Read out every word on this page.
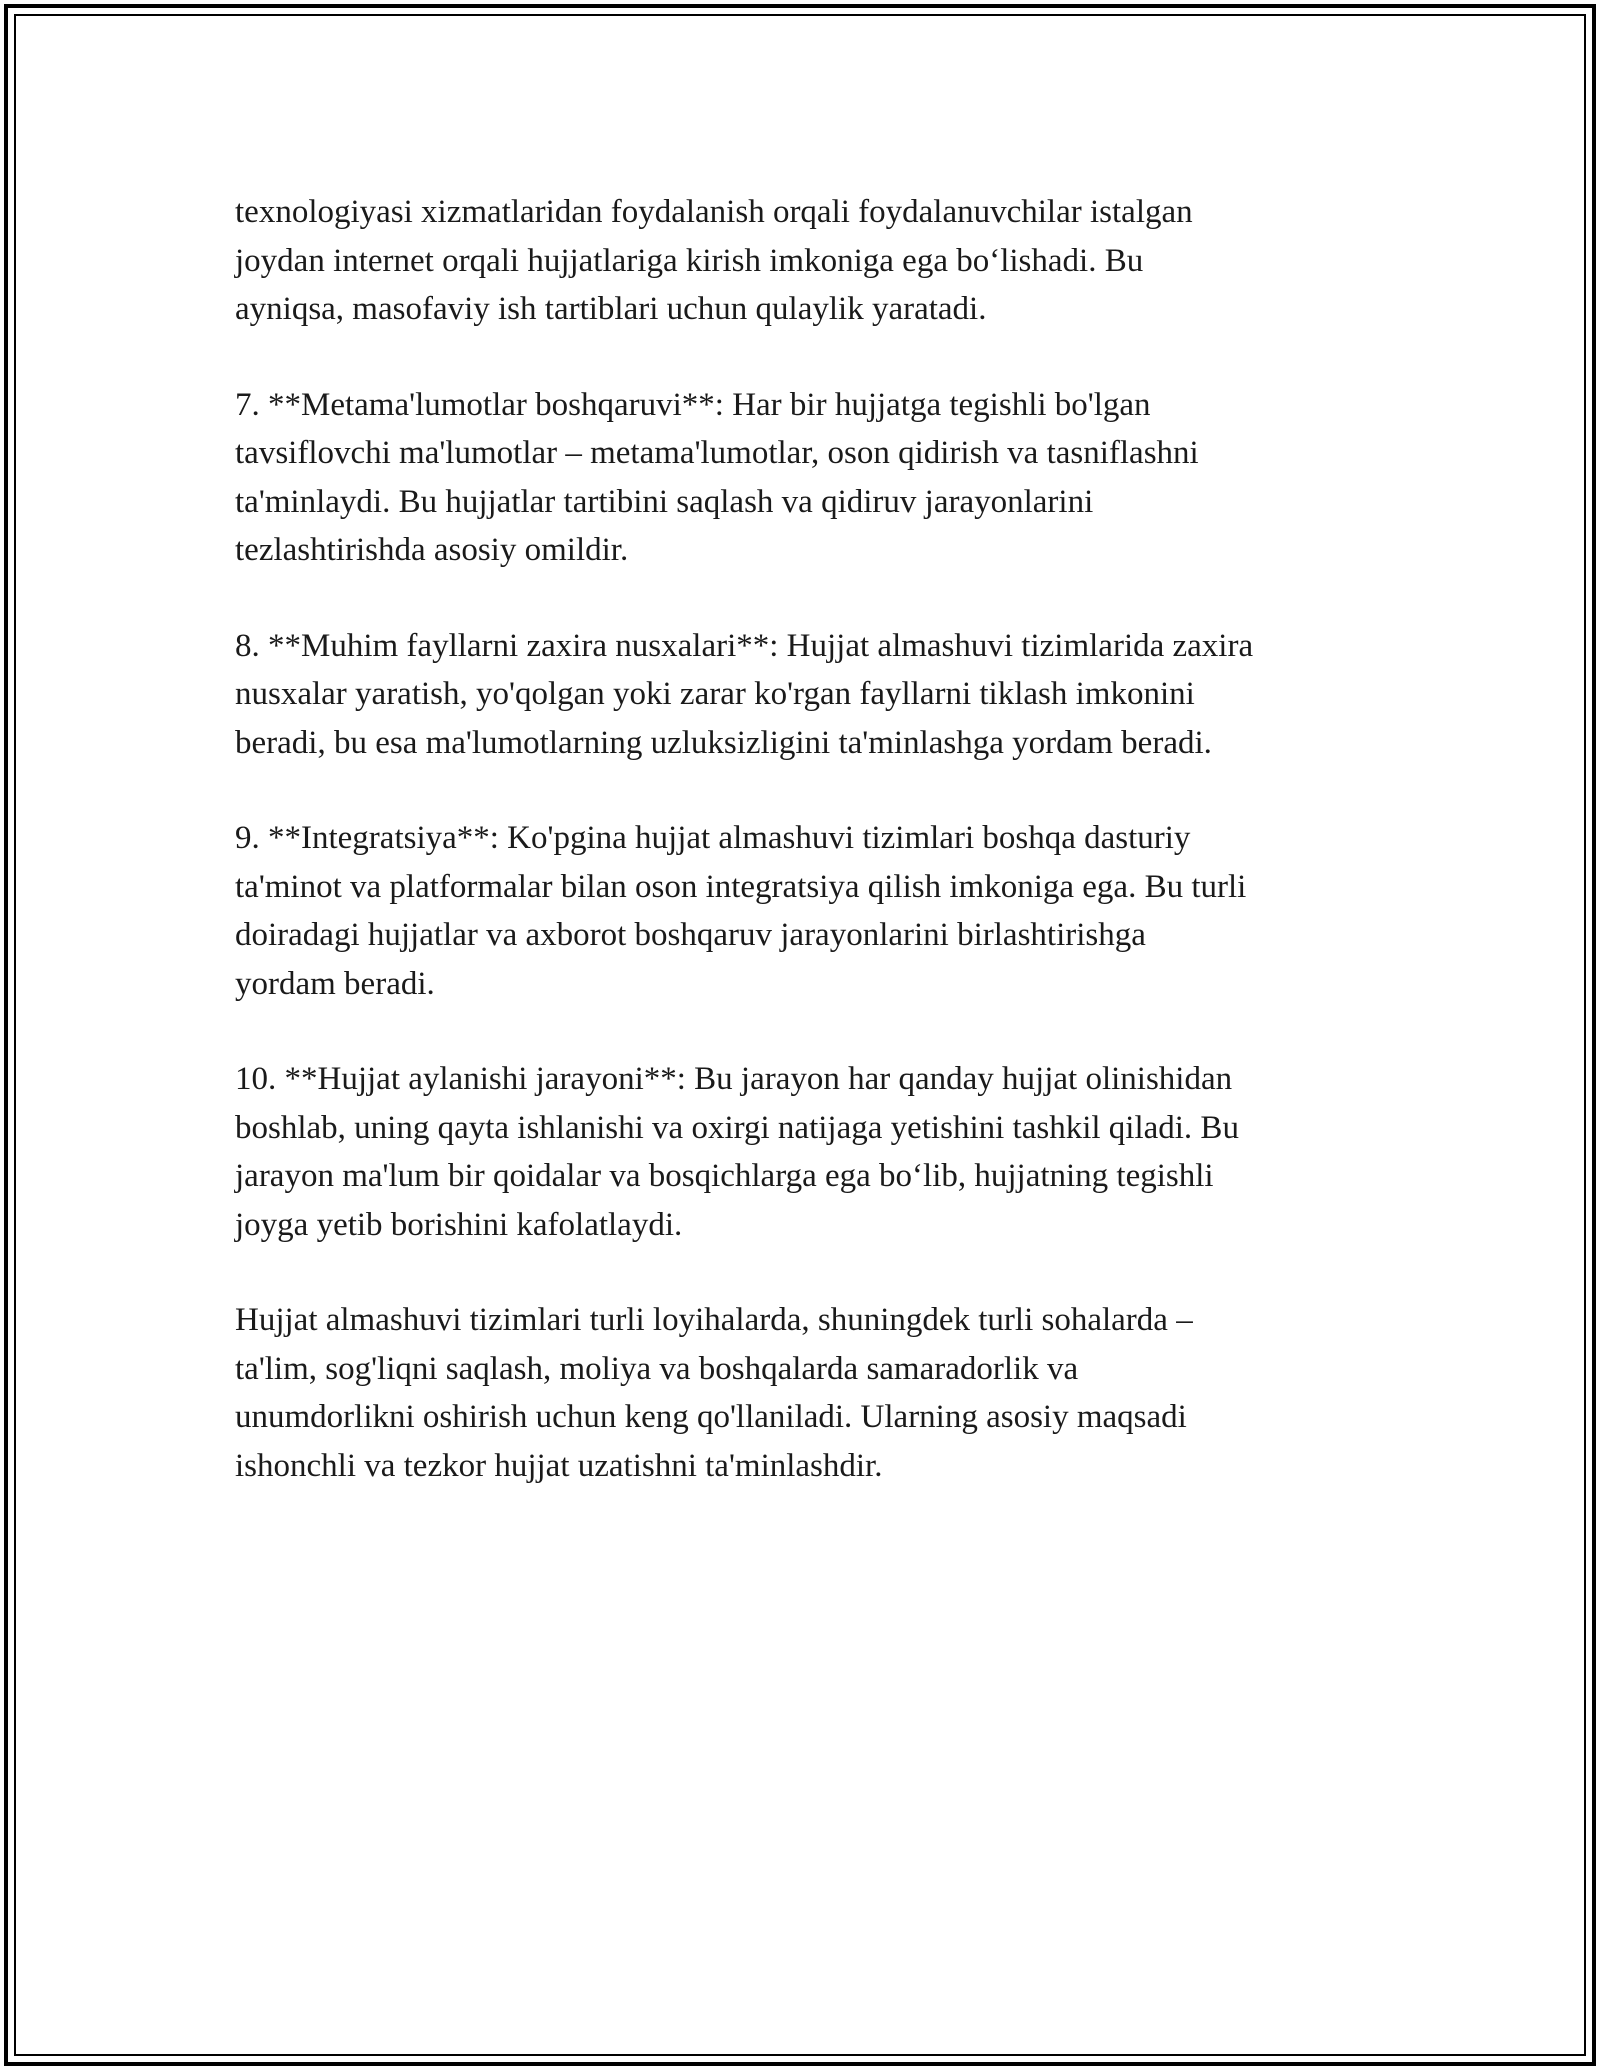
texnologiyasi xizmatlaridan foydalanish orqali foydalanuvchilar istalgan
joydan internet orqali hujjatlariga kirish imkoniga ega bo‘lishadi. Bu
ayniqsa, masofaviy ish tartiblari uchun qulaylik yaratadi.

7. **Metama'lumotlar boshqaruvi**: Har bir hujjatga tegishli bo'lgan
tavsiflovchi ma'lumotlar – metama'lumotlar, oson qidirish va tasniflashni
ta'minlaydi. Bu hujjatlar tartibini saqlash va qidiruv jarayonlarini
tezlashtirishda asosiy omildir.

8. **Muhim fayllarni zaxira nusxalari**: Hujjat almashuvi tizimlarida zaxira
nusxalar yaratish, yo'qolgan yoki zarar ko'rgan fayllarni tiklash imkonini
beradi, bu esa ma'lumotlarning uzluksizligini ta'minlashga yordam beradi.

9. **Integratsiya**: Ko'pgina hujjat almashuvi tizimlari boshqa dasturiy
ta'minot va platformalar bilan oson integratsiya qilish imkoniga ega. Bu turli
doiradagi hujjatlar va axborot boshqaruv jarayonlarini birlashtirishga
yordam beradi.

10. **Hujjat aylanishi jarayoni**: Bu jarayon har qanday hujjat olinishidan
boshlab, uning qayta ishlanishi va oxirgi natijaga yetishini tashkil qiladi. Bu
jarayon ma'lum bir qoidalar va bosqichlarga ega bo‘lib, hujjatning tegishli
joyga yetib borishini kafolatlaydi.

Hujjat almashuvi tizimlari turli loyihalarda, shuningdek turli sohalarda –
ta'lim, sog'liqni saqlash, moliya va boshqalarda samaradorlik va
unumdorlikni oshirish uchun keng qo'llaniladi. Ularning asosiy maqsadi
ishonchli va tezkor hujjat uzatishni ta'minlashdir.
